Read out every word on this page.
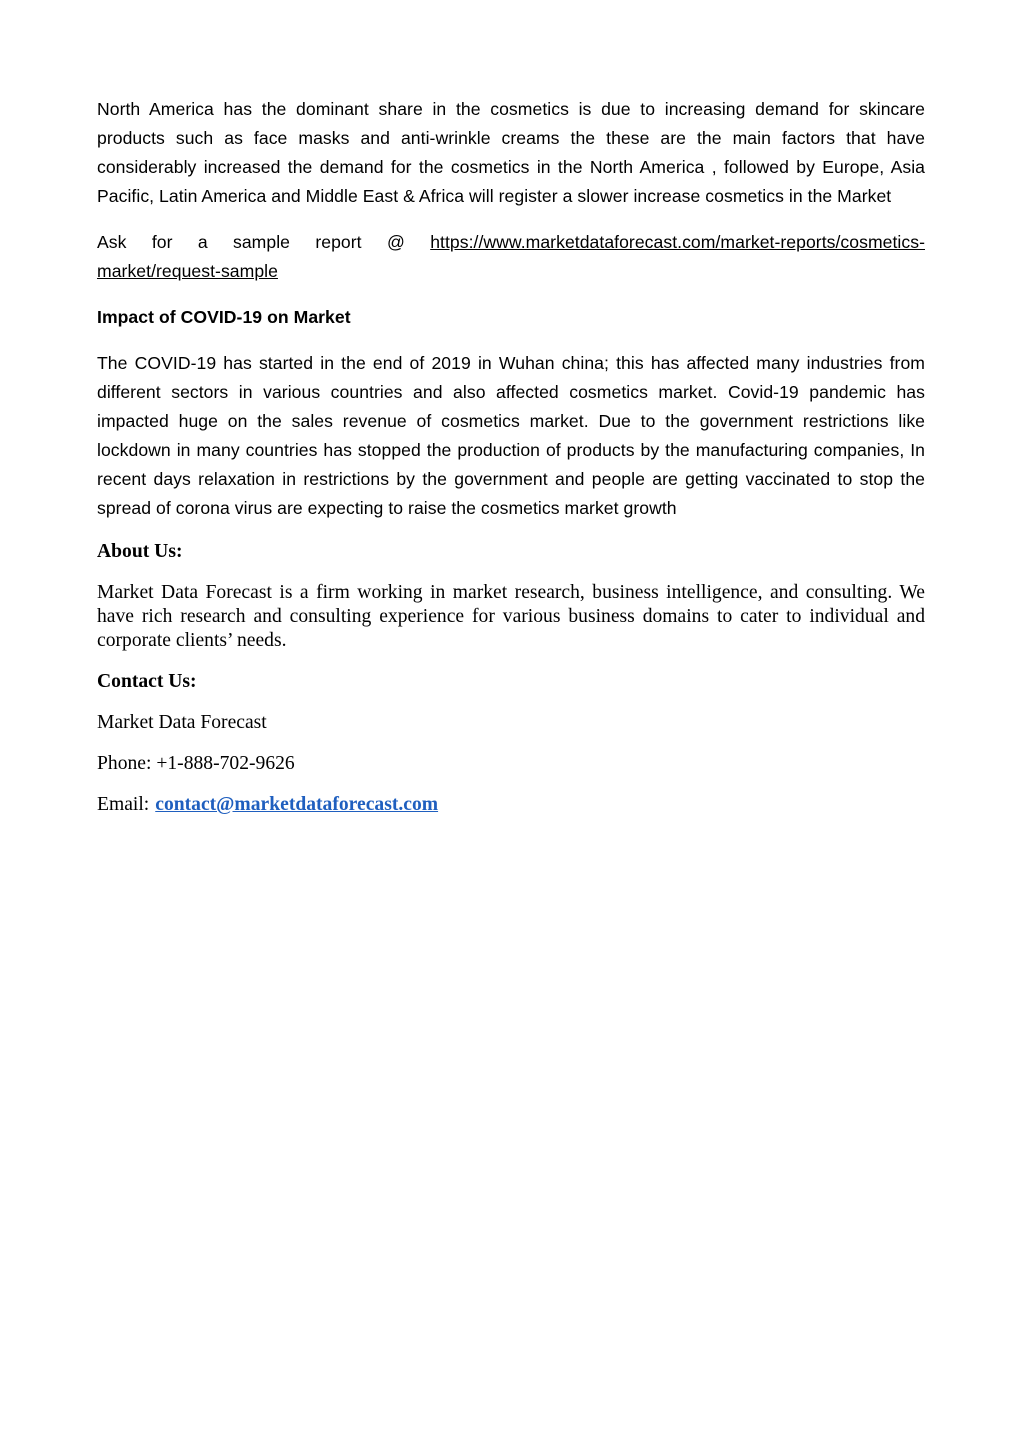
North America has the dominant share in the cosmetics is due to increasing demand for skincare products such as face masks and anti-wrinkle creams the these are the main factors that have considerably increased the demand for the cosmetics in the North America , followed by Europe, Asia Pacific, Latin America and Middle East & Africa will register a slower increase cosmetics in the Market

Ask for a sample report @ https://www.marketdataforecast.com/market-reports/cosmetics-market/request-sample

Impact of COVID-19 on Market

The COVID-19 has started in the end of 2019 in Wuhan china; this has affected many industries from different sectors in various countries and also affected cosmetics market. Covid-19 pandemic has impacted huge on the sales revenue of cosmetics market. Due to the government restrictions like lockdown in many countries has stopped the production of products by the manufacturing companies, In recent days relaxation in restrictions by the government and people are getting vaccinated to stop the spread of corona virus are expecting to raise the cosmetics market growth

About Us:

Market Data Forecast is a firm working in market research, business intelligence, and consulting. We have rich research and consulting experience for various business domains to cater to individual and corporate clients’ needs.

Contact Us:

Market Data Forecast

Phone: +1-888-702-9626

Email: contact@marketdataforecast.com
